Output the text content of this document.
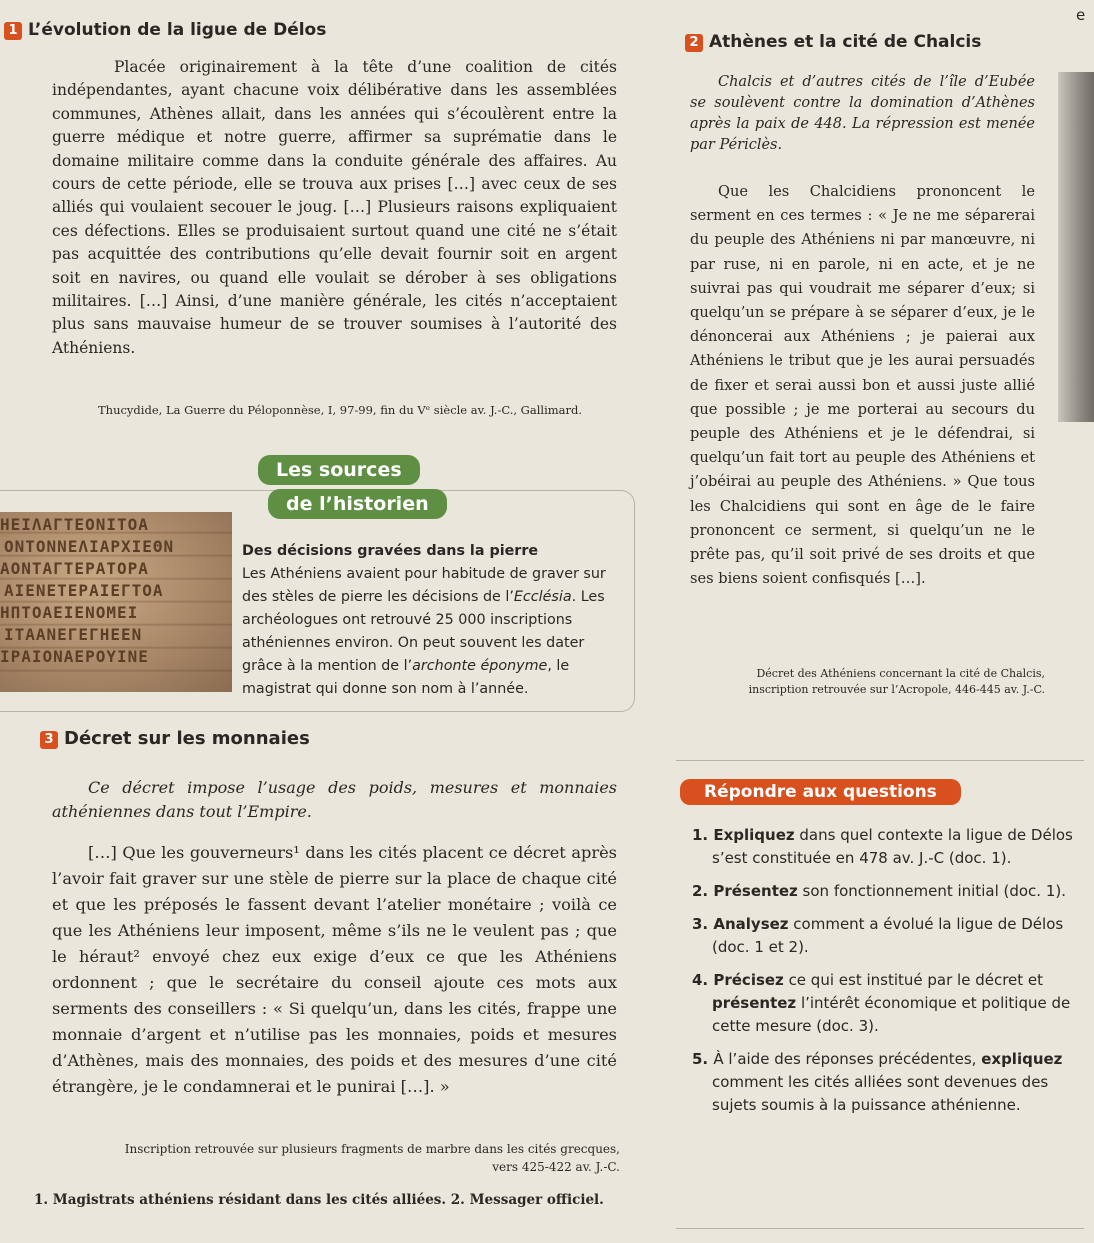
e
1 L’évolution de la ligue de Délos

Placée originairement à la tête d’une coalition de cités indépendantes, ayant chacune voix délibérative dans les assemblées communes, Athènes allait, dans les années qui s’écoulèrent entre la guerre médique et notre guerre, affirmer sa suprématie dans le domaine militaire comme dans la conduite générale des affaires. Au cours de cette période, elle se trouva aux prises […] avec ceux de ses alliés qui voulaient secouer le joug. […] Plusieurs raisons expliquaient ces défections. Elles se produisaient surtout quand une cité ne s’était pas acquittée des contributions qu’elle devait fournir soit en argent soit en navires, ou quand elle voulait se dérober à ses obligations militaires. […] Ainsi, d’une manière générale, les cités n’acceptaient plus sans mauvaise humeur de se trouver soumises à l’autorité des Athéniens.

Thucydide, La Guerre du Péloponnèse, I, 97-99, fin du Vᵉ siècle av. J.-C., Gallimard.
2 Athènes et la cité de Chalcis

Chalcis et d’autres cités de l’île d’Eubée se soulèvent contre la domination d’Athènes après la paix de 448. La répression est menée par Périclès.

Que les Chalcidiens prononcent le serment en ces termes : « Je ne me séparerai du peuple des Athéniens ni par manœuvre, ni par ruse, ni en parole, ni en acte, et je ne suivrai pas qui voudrait me séparer d’eux; si quelqu’un se prépare à se séparer d’eux, je le dénoncerai aux Athéniens ; je paierai aux Athéniens le tribut que je les aurai persuadés de fixer et serai aussi bon et aussi juste allié que possible ; je me porterai au secours du peuple des Athéniens et je le défendrai, si quelqu’un fait tort au peuple des Athéniens et j’obéirai au peuple des Athéniens. » Que tous les Chalcidiens qui sont en âge de le faire prononcent ce serment, si quelqu’un ne le prête pas, qu’il soit privé de ses droits et que ses biens soient confisqués […].

Décret des Athéniens concernant la cité de Chalcis,
inscription retrouvée sur l’Acropole, 446-445 av. J.-C.
Les sources
de l’historien
ΗΕΙΛΑΓΤΕΟΝΙΤΟΑ
ΟΝΤΟΝΝΕΛΙΑΡΧΙΕΘΝ
ΑΟΝΤΑΓΤΕΡΑΤΟΡΑ
ΑΙΕΝΕΤΕΡΑΙΕΓΤΟΑ
ΗΠΤΟΑΕΙΕΝΟΜΕΙ
ΙΤΑΑΝΕΓΕΓΗΕΕΝ
ΙΡΑΙΟΝΑΕΡΟΥΙΝΕ
Des décisions gravées dans la pierre
Les Athéniens avaient pour habitude de graver sur des stèles de pierre les décisions de l’Ecclésia. Les archéologues ont retrouvé 25 000 inscriptions athéniennes environ. On peut souvent les dater grâce à la mention de l’archonte éponyme, le magistrat qui donne son nom à l’année.
3 Décret sur les monnaies

Ce décret impose l’usage des poids, mesures et monnaies athéniennes dans tout l’Empire.

[…] Que les gouverneurs¹ dans les cités placent ce décret après l’avoir fait graver sur une stèle de pierre sur la place de chaque cité et que les préposés le fassent devant l’atelier monétaire ; voilà ce que les Athéniens leur imposent, même s’ils ne le veulent pas ; que le héraut² envoyé chez eux exige d’eux ce que les Athéniens ordonnent ; que le secrétaire du conseil ajoute ces mots aux serments des conseillers : « Si quelqu’un, dans les cités, frappe une monnaie d’argent et n’utilise pas les monnaies, poids et mesures d’Athènes, mais des monnaies, des poids et des mesures d’une cité étrangère, je le condamnerai et le punirai […]. »

Inscription retrouvée sur plusieurs fragments de marbre dans les cités grecques,
vers 425-422 av. J.-C.
1. Magistrats athéniens résidant dans les cités alliées. 2. Messager officiel.
Répondre aux questions
1. Expliquez dans quel contexte la ligue de Délos s’est constituée en 478 av. J.-C (doc. 1).
2. Présentez son fonctionnement initial (doc. 1).
3. Analysez comment a évolué la ligue de Délos (doc. 1 et 2).
4. Précisez ce qui est institué par le décret et présentez l’intérêt économique et politique de cette mesure (doc. 3).
5. À l’aide des réponses précédentes, expliquez comment les cités alliées sont devenues des sujets soumis à la puissance athénienne.
